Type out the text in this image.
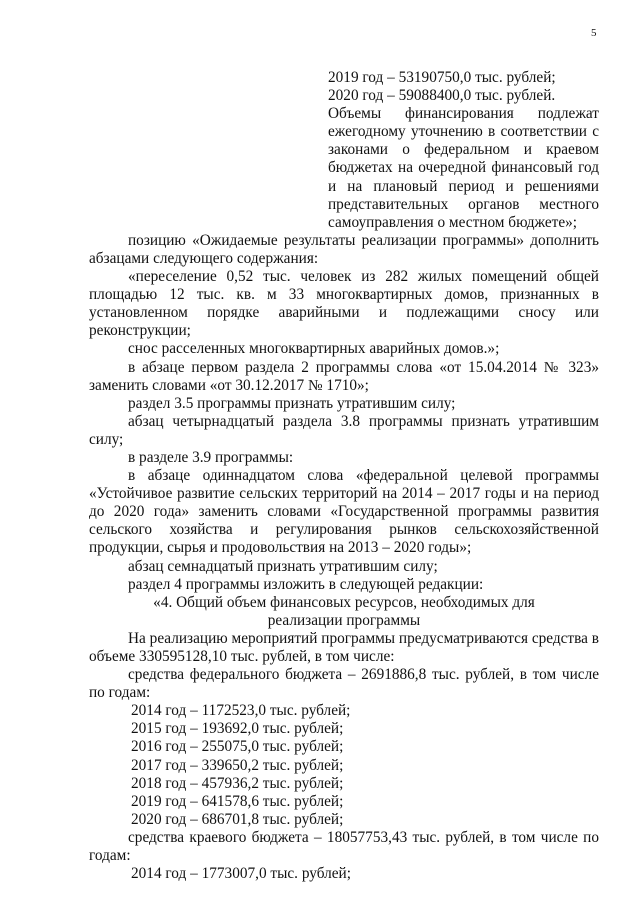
5
2019 год – 53190750,0 тыс. рублей;
2020 год – 59088400,0 тыс. рублей.
Объемы финансирования подлежат ежегодному уточнению в соответствии с законами о федеральном и краевом бюджетах на очередной финансовый год и на плановый период и решениями представительных органов местного самоуправления о местном бюджете»;

позицию «Ожидаемые результаты реализации программы» дополнить абзацами следующего содержания:

«переселение 0,52 тыс. человек из 282 жилых помещений общей площадью 12 тыс. кв. м 33 многоквартирных домов, признанных в установленном порядке аварийными и подлежащими сносу или реконструкции;

снос расселенных многоквартирных аварийных домов.»;

в абзаце первом раздела 2 программы слова «от 15.04.2014 № 323» заменить словами «от 30.12.2017 № 1710»;

раздел 3.5 программы признать утратившим силу;

абзац четырнадцатый раздела 3.8 программы признать утратившим силу;

в разделе 3.9 программы:

в абзаце одиннадцатом слова «федеральной целевой программы «Устойчивое развитие сельских территорий на 2014 – 2017 годы и на период до 2020 года» заменить словами «Государственной программы развития сельского хозяйства и регулирования рынков сельскохозяйственной продукции, сырья и продовольствия на 2013 – 2020 годы»;

абзац семнадцатый признать утратившим силу;

раздел 4 программы изложить в следующей редакции:

«4. Общий объем финансовых ресурсов, необходимых для
реализации программы

На реализацию мероприятий программы предусматриваются средства в объеме 330595128,10 тыс. рублей, в том числе:

средства федерального бюджета – 2691886,8 тыс. рублей, в том числе по годам:

2014 год – 1172523,0 тыс. рублей;
2015 год – 193692,0 тыс. рублей;
2016 год – 255075,0 тыс. рублей;
2017 год – 339650,2 тыс. рублей;
2018 год – 457936,2 тыс. рублей;
2019 год – 641578,6 тыс. рублей;
2020 год – 686701,8 тыс. рублей;

средства краевого бюджета – 18057753,43 тыс. рублей, в том числе по годам:

2014 год – 1773007,0 тыс. рублей;
